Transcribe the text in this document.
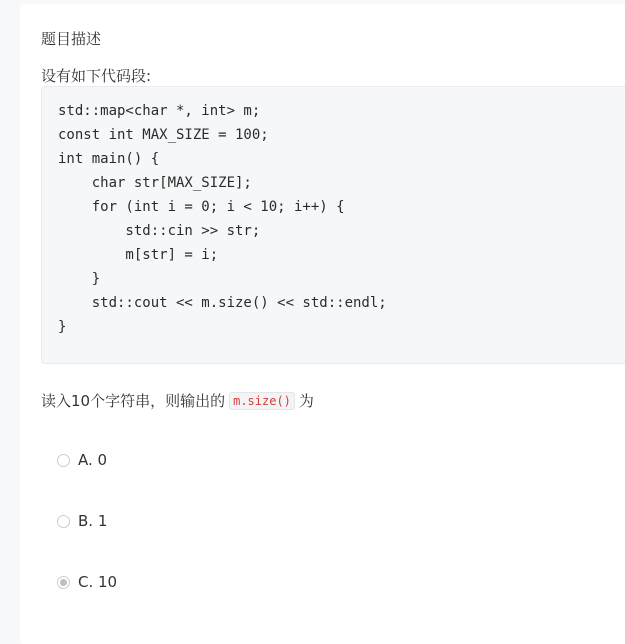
题目描述
设有如下代码段:
std::map<char *, int> m;
const int MAX_SIZE = 100;
int main() {
char str[MAX_SIZE];
for (int i = 0; i < 10; i++) {
std::cin >> str;
m[str] = i;
}
std::cout << m.size() << std::endl;
}
读入10个字符串，则输出的 m.size() 为
A. 0
B. 1
C. 10
